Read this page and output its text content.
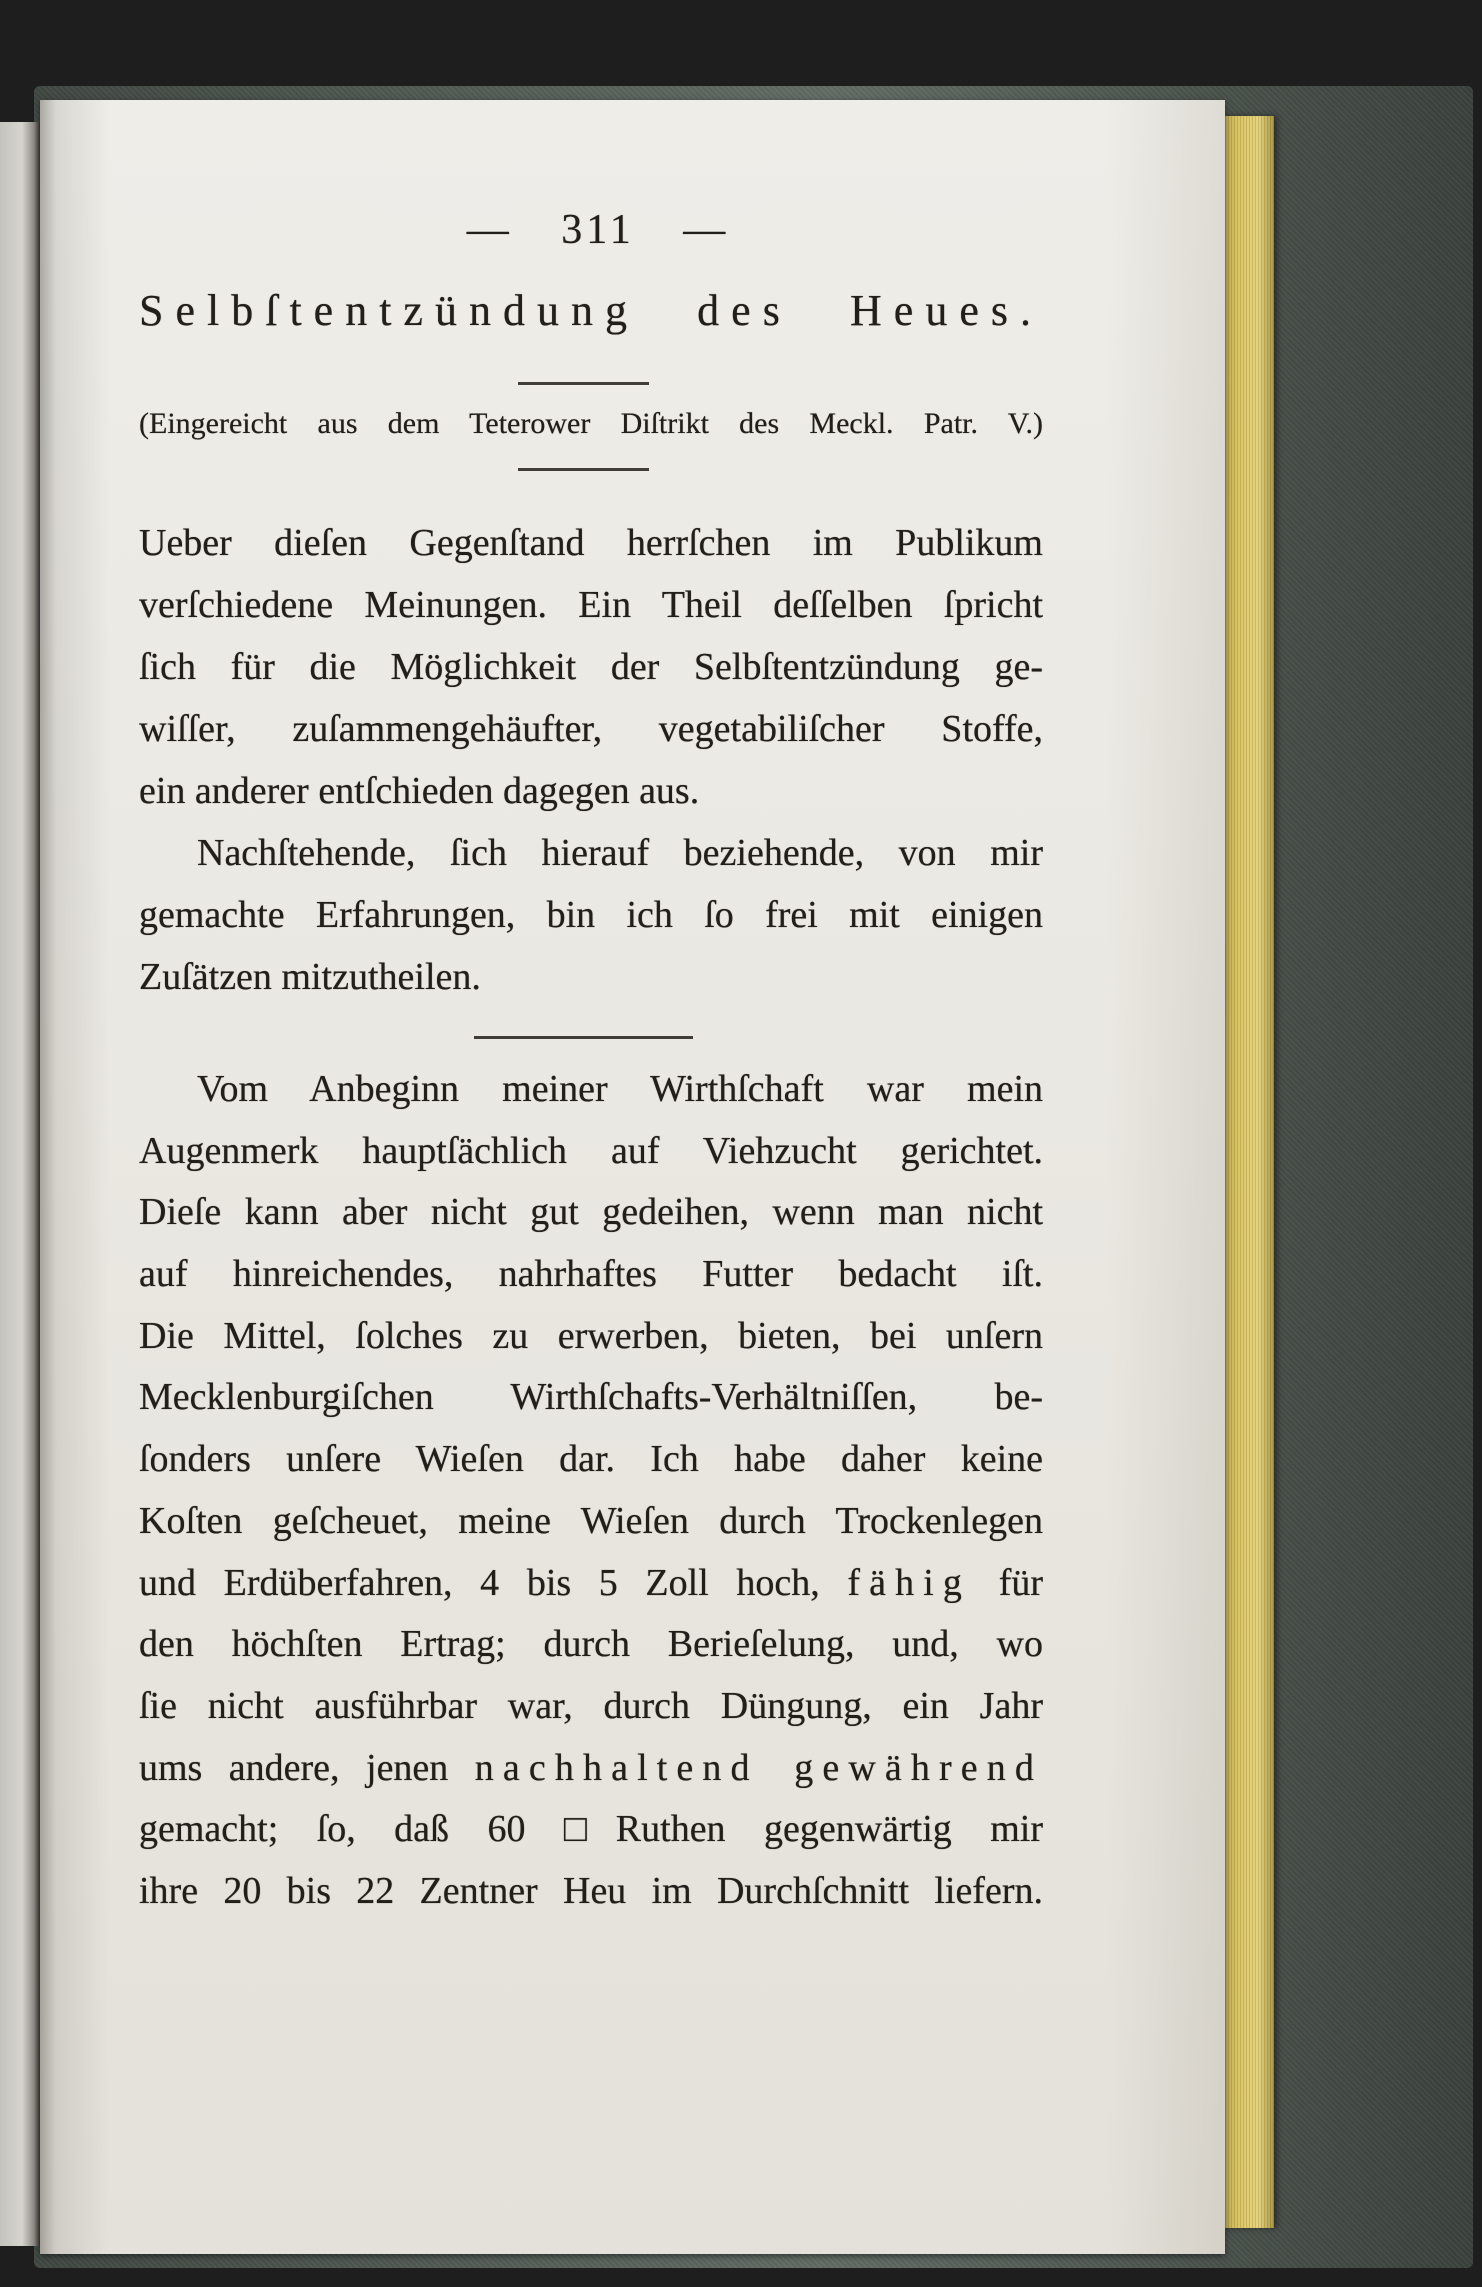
— 311 —
Selbſtentzündung des Heues.
(Eingereicht aus dem Teterower Diſtrikt des Meckl. Patr. V.)
Ueber dieſen Gegenſtand herrſchen im Publikum
verſchiedene Meinungen. Ein Theil deſſelben ſpricht
ſich für die Möglichkeit der Selbſtentzündung ge-
wiſſer, zuſammengehäufter, vegetabiliſcher Stoffe,
ein anderer entſchieden dagegen aus.
Nachſtehende, ſich hierauf beziehende, von mir
gemachte Erfahrungen, bin ich ſo frei mit einigen
Zuſätzen mitzutheilen.
Vom Anbeginn meiner Wirthſchaft war mein
Augenmerk hauptſächlich auf Viehzucht gerichtet.
Dieſe kann aber nicht gut gedeihen, wenn man nicht
auf hinreichendes, nahrhaftes Futter bedacht iſt.
Die Mittel, ſolches zu erwerben, bieten, bei unſern
Mecklenburgiſchen Wirthſchafts-Verhältniſſen, be-
ſonders unſere Wieſen dar. Ich habe daher keine
Koſten geſcheuet, meine Wieſen durch Trockenlegen
und Erdüberfahren, 4 bis 5 Zoll hoch, fähig für
den höchſten Ertrag; durch Berieſelung, und, wo
ſie nicht ausführbar war, durch Düngung, ein Jahr
ums andere, jenen nachhaltend gewährend
gemacht; ſo, daß 60 □Ruthen gegenwärtig mir
ihre 20 bis 22 Zentner Heu im Durchſchnitt liefern.
